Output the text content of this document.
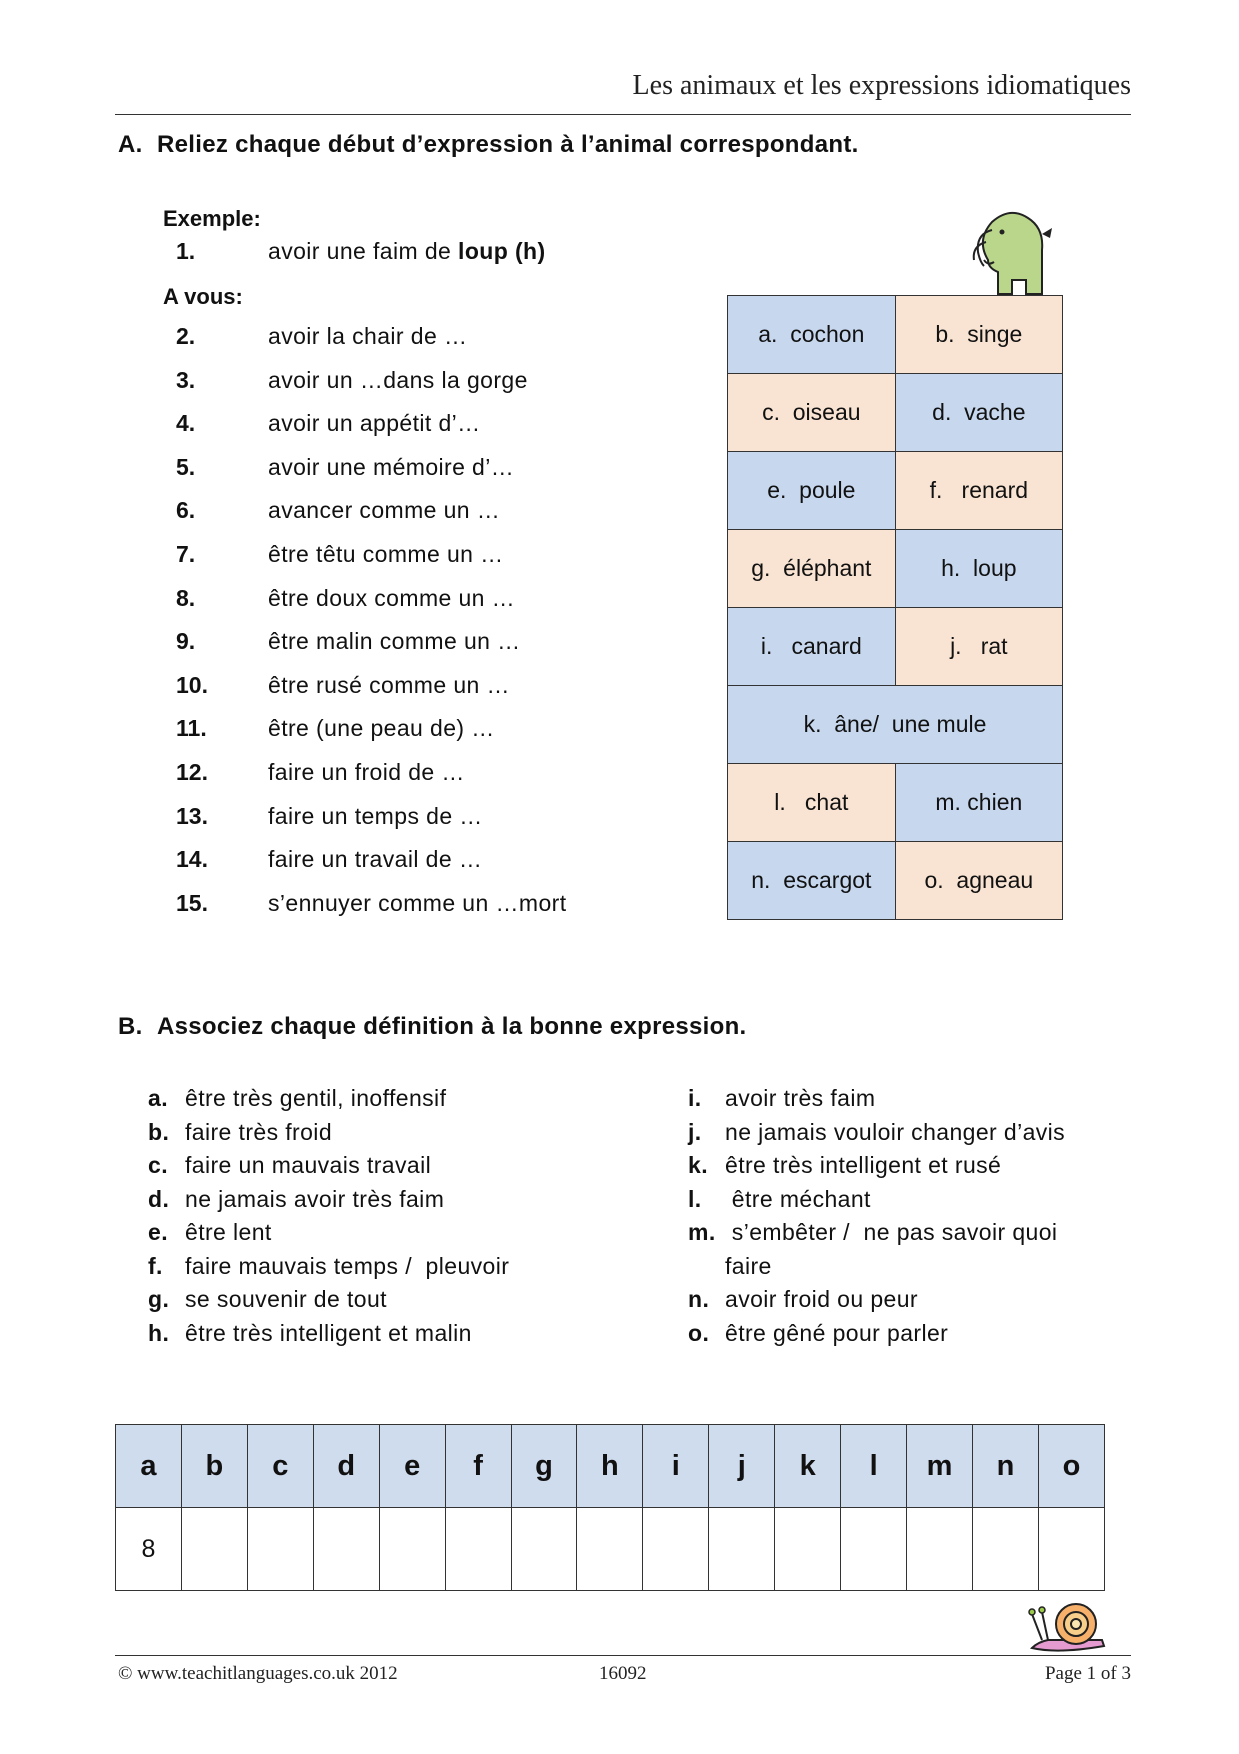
Les animaux et les expressions idiomatiques
A. Reliez chaque début d’expression à l’animal correspondant.
Exemple:
1.	avoir une faim de loup (h)
A vous:
2.	avoir la chair de …
3.	avoir un …dans la gorge
4.	avoir un appétit d’…
5.	avoir une mémoire d’…
6.	avancer comme un …
7.	être têtu comme un …
8.	être doux comme un …
9.	être malin comme un …
10.	être rusé comme un …
11.	être (une peau de) …
12.	faire un froid de …
13.	faire un temps de …
14.	faire un travail de …
15.	s’ennuyer comme un …mort
a.  cochon	b.  singe
c.  oiseau	d.  vache
e.  poule	f.   renard
g.  éléphant	h.  loup
i.   canard	j.   rat
k.  âne/  une mule	
l.   chat	m. chien
n.  escargot	o.  agneau
B. Associez chaque définition à la bonne expression.
a. être très gentil, inoffensif
b. faire très froid
c. faire un mauvais travail
d. ne jamais avoir très faim
e. être lent
f. faire mauvais temps /  pleuvoir
g. se souvenir de tout
h. être très intelligent et malin
i. avoir très faim
j. ne jamais vouloir changer d’avis
k. être très intelligent et rusé
l. être méchant
m. s’embêter /  ne pas savoir quoi
faire
n. avoir froid ou peur
o. être gêné pour parler
a	b	c	d	e	f	g	h	i	j	k	l	m	n	o
8														
© www.teachitlanguages.co.uk 2012	16092	Page 1 of 3
